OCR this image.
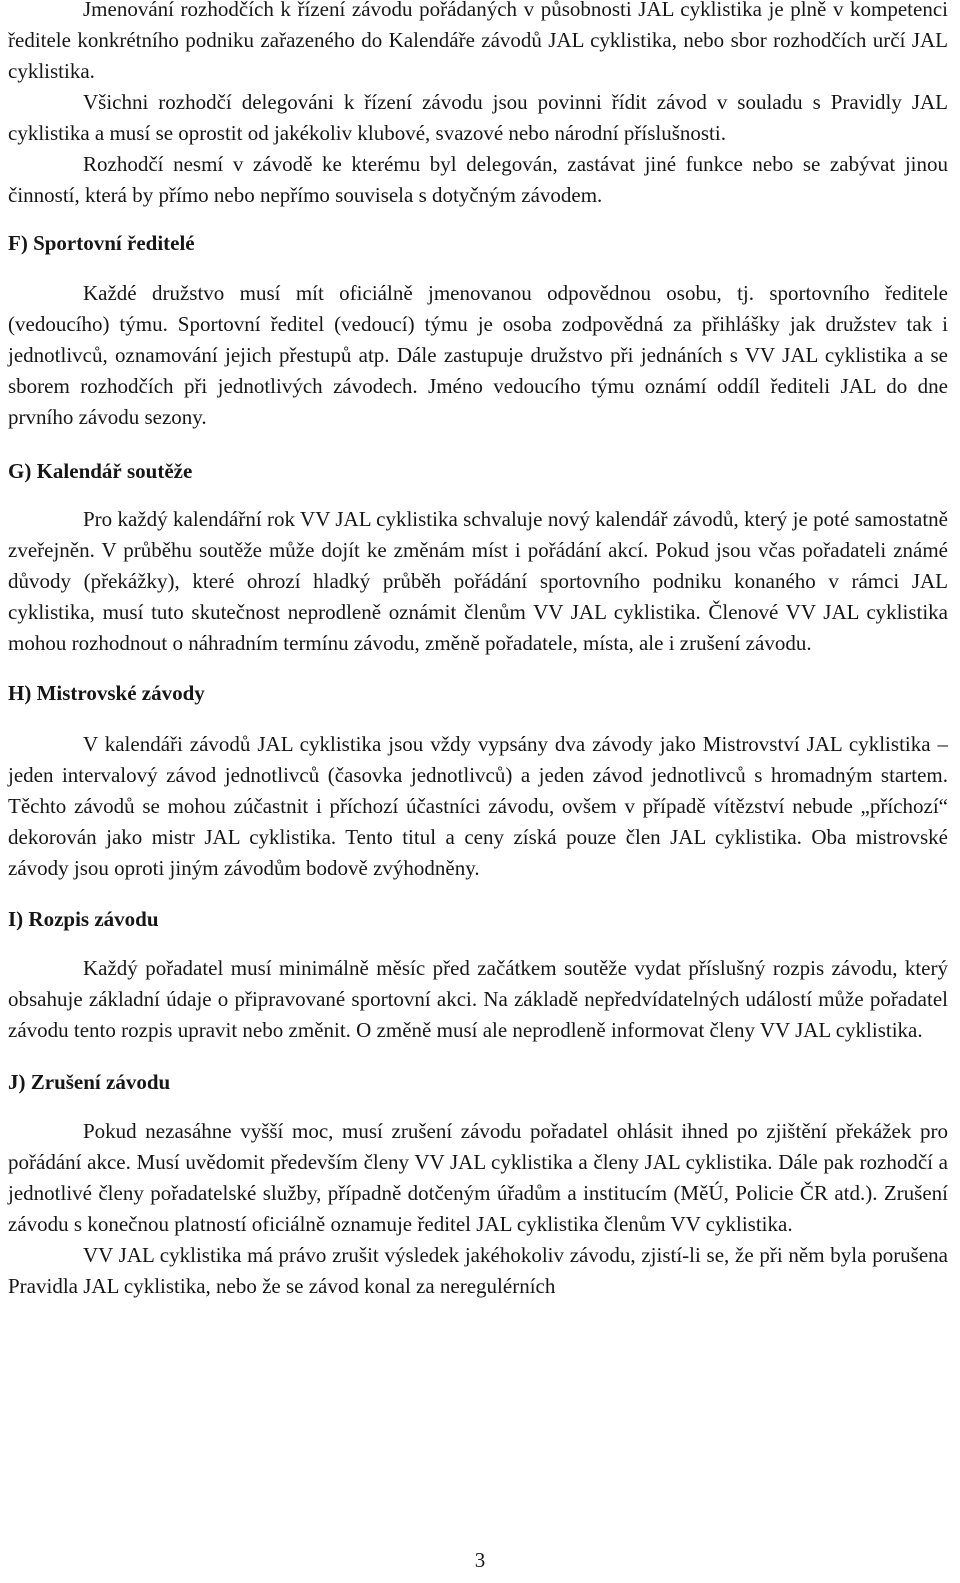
Jmenování rozhodčích k řízení závodu pořádaných v působnosti JAL cyklistika je plně v kompetenci ředitele konkrétního podniku zařazeného do Kalendáře závodů JAL cyklistika, nebo sbor rozhodčích určí JAL cyklistika.

Všichni rozhodčí delegováni k řízení závodu jsou povinni řídit závod v souladu s Pravidly JAL cyklistika a musí se oprostit od jakékoliv klubové, svazové nebo národní příslušnosti.

Rozhodčí nesmí v závodě ke kterému byl delegován, zastávat jiné funkce nebo se zabývat jinou činností, která by přímo nebo nepřímo souvisela s dotyčným závodem.

F) Sportovní ředitelé

Každé družstvo musí mít oficiálně jmenovanou odpovědnou osobu, tj. sportovního ředitele (vedoucího) týmu. Sportovní ředitel (vedoucí) týmu je osoba zodpovědná za přihlášky jak družstev tak i jednotlivců, oznamování jejich přestupů atp. Dále zastupuje družstvo při jednáních s VV JAL cyklistika a se sborem rozhodčích při jednotlivých závodech. Jméno vedoucího týmu oznámí oddíl řediteli JAL do dne prvního závodu sezony.

G) Kalendář soutěže

Pro každý kalendářní rok VV JAL cyklistika schvaluje nový kalendář závodů, který je poté samostatně zveřejněn. V průběhu soutěže může dojít ke změnám míst i pořádání akcí. Pokud jsou včas pořadateli známé důvody (překážky), které ohrozí hladký průběh pořádání sportovního podniku konaného v rámci JAL cyklistika, musí tuto skutečnost neprodleně oznámit členům VV JAL cyklistika. Členové VV JAL cyklistika mohou rozhodnout o náhradním termínu závodu, změně pořadatele, místa, ale i zrušení závodu.

H) Mistrovské závody

V kalendáři závodů JAL cyklistika jsou vždy vypsány dva závody jako Mistrovství JAL cyklistika – jeden intervalový závod jednotlivců (časovka jednotlivců) a jeden závod jednotlivců s hromadným startem. Těchto závodů se mohou zúčastnit i příchozí účastníci závodu, ovšem v případě vítězství nebude „příchozí“ dekorován jako mistr JAL cyklistika. Tento titul a ceny získá pouze člen JAL cyklistika. Oba mistrovské závody jsou oproti jiným závodům bodově zvýhodněny.

I) Rozpis závodu

Každý pořadatel musí minimálně měsíc před začátkem soutěže vydat příslušný rozpis závodu, který obsahuje základní údaje o připravované sportovní akci. Na základě nepředvídatelných událostí může pořadatel závodu tento rozpis upravit nebo změnit. O změně musí ale neprodleně informovat členy VV JAL cyklistika.

J) Zrušení závodu

Pokud nezasáhne vyšší moc, musí zrušení závodu pořadatel ohlásit ihned po zjištění překážek pro pořádání akce. Musí uvědomit především členy VV JAL cyklistika a členy JAL cyklistika. Dále pak rozhodčí a jednotlivé členy pořadatelské služby, případně dotčeným úřadům a institucím (MěÚ, Policie ČR atd.). Zrušení závodu s konečnou platností oficiálně oznamuje ředitel JAL cyklistika členům VV cyklistika.

VV JAL cyklistika má právo zrušit výsledek jakéhokoliv závodu, zjistí-li se, že při něm byla porušena Pravidla JAL cyklistika, nebo že se závod konal za neregulérních

3
